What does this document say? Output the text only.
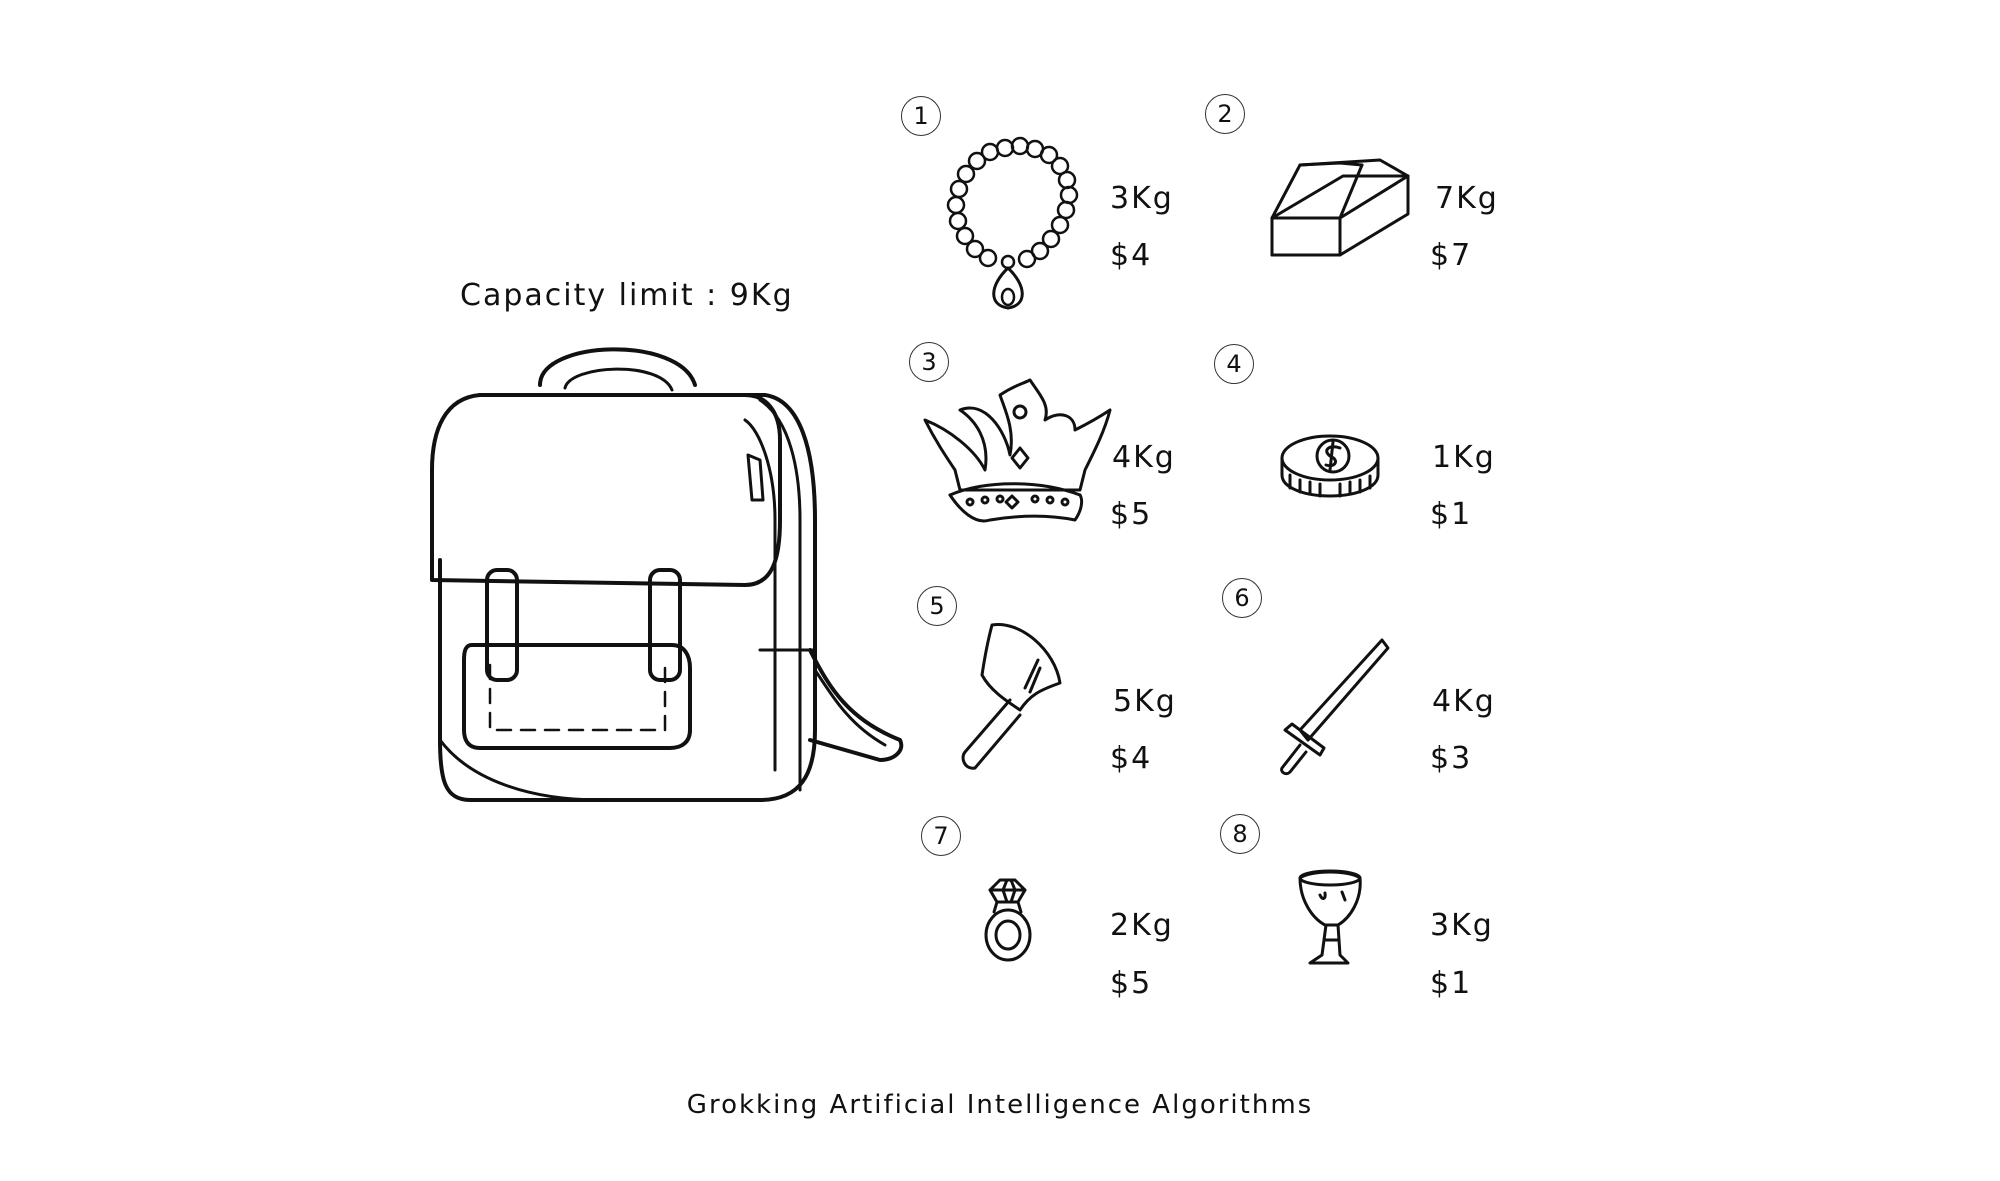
Capacity limit : 9Kg
1
3Kg
$4
2
7Kg
$7
3
4Kg
$5
4
1Kg
$1
5
5Kg
$4
6
4Kg
$3
7
2Kg
$5
8
3Kg
$1
Grokking Artificial Intelligence Algorithms
